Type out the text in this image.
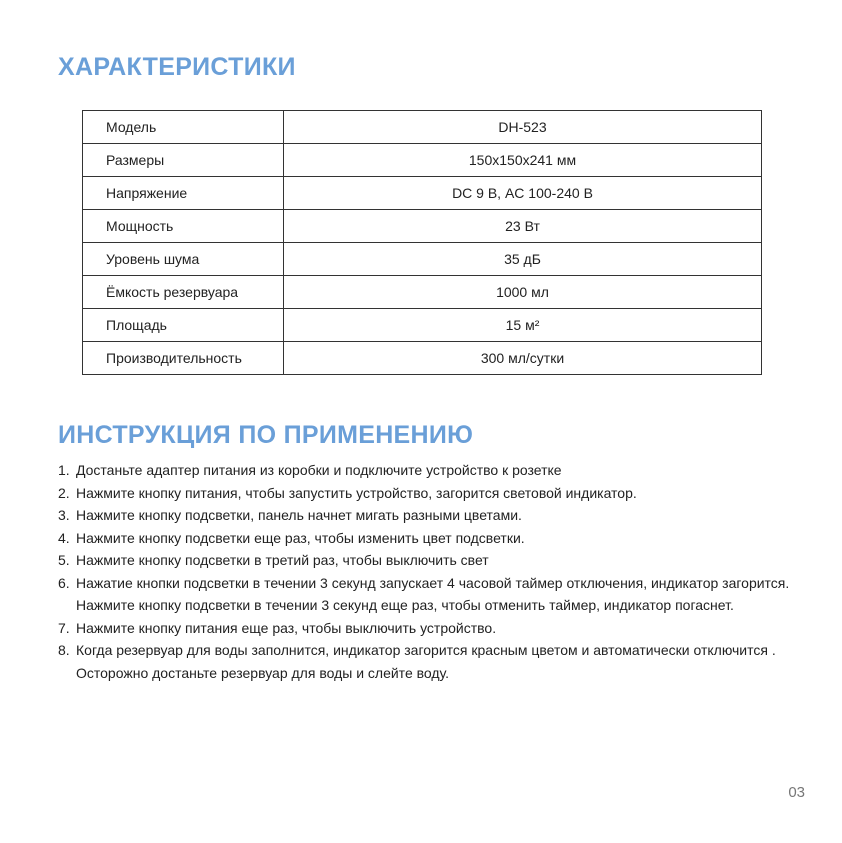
ХАРАКТЕРИСТИКИ
Модель	DH-523
Размеры	150x150x241 мм
Напряжение	DC 9 В, AC 100-240 В
Мощность	23 Вт
Уровень шума	35 дБ
Ёмкость резервуара	1000 мл
Площадь	15 м²
Производительность	300 мл/сутки
ИНСТРУКЦИЯ ПО ПРИМЕНЕНИЮ
1. Достаньте адаптер питания из коробки и подключите устройство к розетке
2. Нажмите кнопку питания, чтобы запустить устройство, загорится световой индикатор.
3. Нажмите кнопку подсветки, панель начнет мигать разными цветами.
4. Нажмите кнопку подсветки еще раз, чтобы изменить цвет подсветки.
5. Нажмите кнопку подсветки в третий раз, чтобы выключить свет
6. Нажатие кнопки подсветки в течении 3 секунд запускает 4 часовой таймер отключения, индикатор загорится. Нажмите кнопку подсветки в течении 3 секунд еще раз, чтобы отменить таймер, индикатор погаснет.
7. Нажмите кнопку питания еще раз, чтобы выключить устройство.
8. Когда резервуар для воды заполнится, индикатор загорится красным цветом и автоматически отключится . Осторожно достаньте резервуар для воды и слейте воду.
03
